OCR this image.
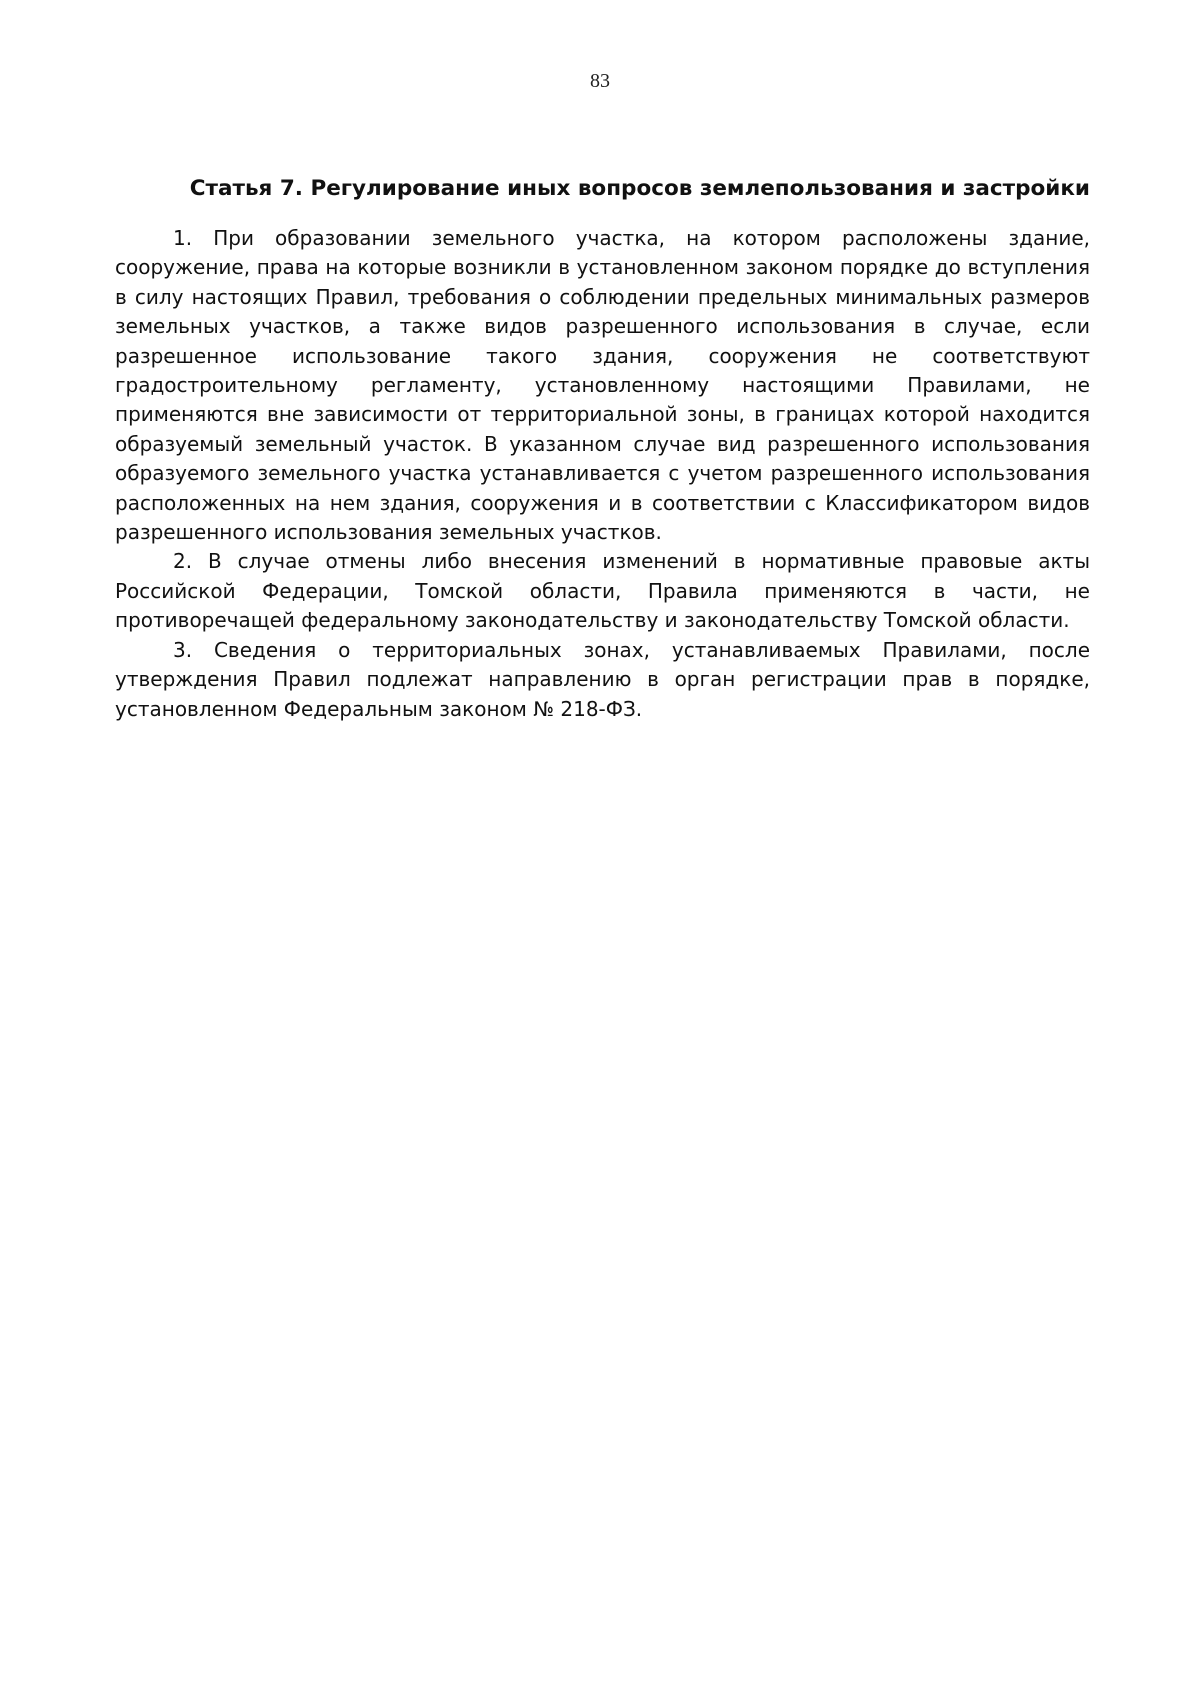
83
Статья 7. Регулирование иных вопросов землепользования и застройки

1. При образовании земельного участка, на котором расположены здание, сооружение, права на которые возникли в установленном законом порядке до вступления в силу настоящих Правил, требования о соблюдении предельных минимальных размеров земельных участков, а также видов разрешенного использования в случае, если разрешенное использование такого здания, сооружения не соответствуют градостроительному регламенту, установленному настоящими Правилами, не применяются вне зависимости от территориальной зоны, в границах которой находится образуемый земельный участок. В указанном случае вид разрешенного использования образуемого земельного участка устанавливается с учетом разрешенного использования расположенных на нем здания, сооружения и в соответствии с Классификатором видов разрешенного использования земельных участков.

2. В случае отмены либо внесения изменений в нормативные правовые акты Российской Федерации, Томской области, Правила применяются в части, не противоречащей федеральному законодательству и законодательству Томской области.

3. Сведения о территориальных зонах, устанавливаемых Правилами, после утверждения Правил подлежат направлению в орган регистрации прав в порядке, установленном Федеральным законом № 218-ФЗ.
